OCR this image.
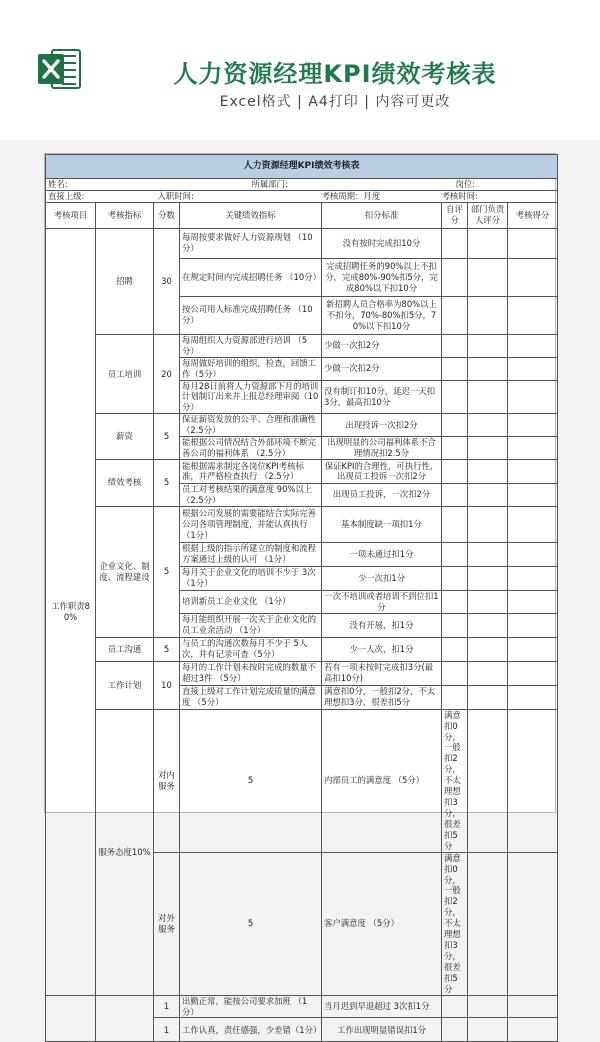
人力资源经理KPI绩效考核表
Excel格式 | A4打印 | 内容可更改
人力资源经理KPI绩效考核表								
姓名:			所属部门:		岗位:			
直接上级:		入职时间:		考核周期：月度	考核时间:			
考核项目	考核指标	分数	关键绩效指标	扣分标准	自评分	部门负责人评分	考核得分	
工作职责80%	招聘	30	每周按要求做好人力资源规划 （10分）	没有按时完成扣10分				
			在规定时间内完成招聘任务 （10分）	完成招聘任务的90%以上不扣分，完成80%-90%扣5分，完成80%以下扣10分				
			按公司用人标准完成招聘任务 （10分）	新招聘人员合格率为80%以上不扣分，70%-80%扣5分，70%以下扣10分				
	员工培训	20	每周组织人力资源部进行培训 （5分）	少做一次扣2分				
			每周做好培训的组织，检查，回馈工作（5分）	少做一次扣2分				
			每月28日前将人力资源部下月的培训计划制订出来并上报总经理审阅（10分）	没有制订扣10分，延迟一天扣3分，最高扣10分				
	薪资	5	保证薪资发放的公平、合理和准确性（2.5分）	出现投诉一次扣2分				
			能根据公司情况结合外部环境不断完善公司的福利体系 （2.5分）	出现明显的公司福利体系不合理情况扣2.5分				
	绩效考核	5	能根据需求制定各岗位KPI考核标准，并严格检查执行 （2.5分）	保证KPI的合理性，可执行性，出现员工投诉一次扣2分				
			员工对考核结果的满意度 90%以上（2.5分）	出现员工投诉，一次扣2分				
	企业文化、制度、流程建设	5	根据公司发展的需要能结合实际完善公司各项管理制度，并能认真执行 （1分）	基本制度缺一项扣1分				
			根据上级的指示所建立的制度和流程方案通过上级的认可 （1分）	一项未通过扣1分				
			每月关于企业文化的培训不少于 3次（1分）	少一次扣1分				
			培训新员工企业文化 （1分）	一次不培训或者培训不到位扣1分				
			每月能组织开展一次关于企业文化的员工业余活动 （1分）	没有开展，扣1分				
	员工沟通	5	与员工的沟通次数每月不少于 5人次，并有记录可查（5分）	少一人次，扣1分				
	工作计划	10	每月的工作计划未按时完成的数量不超过3件 （5分）	若有一项未按时完成扣3分(最高扣10分)				
			直接上级对工作计划完成质量的满意度 （5分）	满意扣0分，一般扣2分，不太理想扣3分，很差扣5分				
	服务态度10%	对内服务	5	内部员工的满意度 （5分）	满意扣0分，一般扣2分，不太理想扣3分，很差扣5分			
		对外服务	5	客户满意度 （5分）	满意扣0分，一般扣2分，不太理想扣3分，很差扣5分			
		1	出勤正常，能按公司要求加班 （1分）	当月迟到早退超过 3次扣1分				
		1	工作认真，责任感强，少差错（1分）	工作出现明显错误扣1分				
